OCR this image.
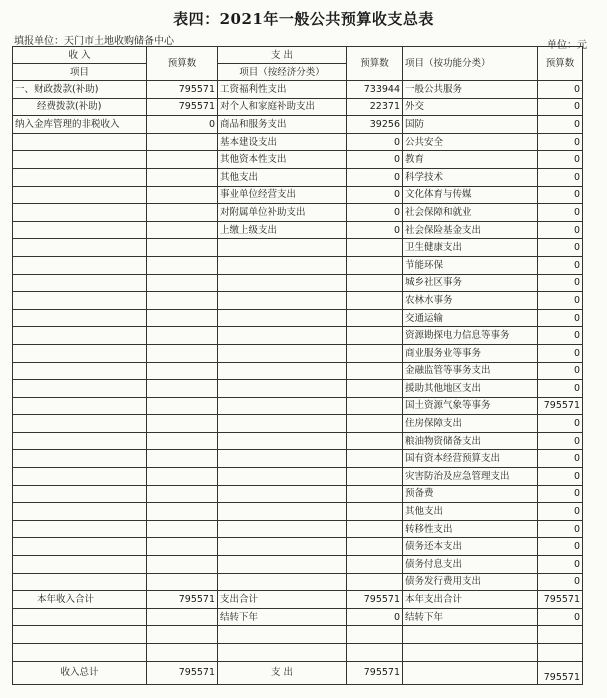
表四：2021年一般公共预算收支总表
填报单位：天门市土地收购储备中心	单位：元
收 入	预算数	支 出	预算数	项目（按功能分类）	预算数
项目		项目（按经济分类）			
一、财政拨款(补助)	795571	工资福利性支出	733944	一般公共服务	0
经费拨款(补助)	795571	对个人和家庭补助支出	22371	外交	0
纳入金库管理的非税收入	0	商品和服务支出	39256	国防	0
		基本建设支出	0	公共安全	0
		其他资本性支出	0	教育	0
		其他支出	0	科学技术	0
		事业单位经营支出	0	文化体育与传媒	0
		对附属单位补助支出	0	社会保障和就业	0
		上缴上级支出	0	社会保险基金支出	0
				卫生健康支出	0
				节能环保	0
				城乡社区事务	0
				农林水事务	0
				交通运输	0
				资源勘探电力信息等事务	0
				商业服务业等事务	0
				金融监管等事务支出	0
				援助其他地区支出	0
				国土资源气象等事务	795571
				住房保障支出	0
				粮油物资储备支出	0
				国有资本经营预算支出	0
				灾害防治及应急管理支出	0
				预备费	0
				其他支出	0
				转移性支出	0
				债务还本支出	0
				债务付息支出	0
				债务发行费用支出	0
本年收入合计	795571	支出合计	795571	本年支出合计	795571
		结转下年	0	结转下年	0

收入总计	795571	支 出	795571		795571
